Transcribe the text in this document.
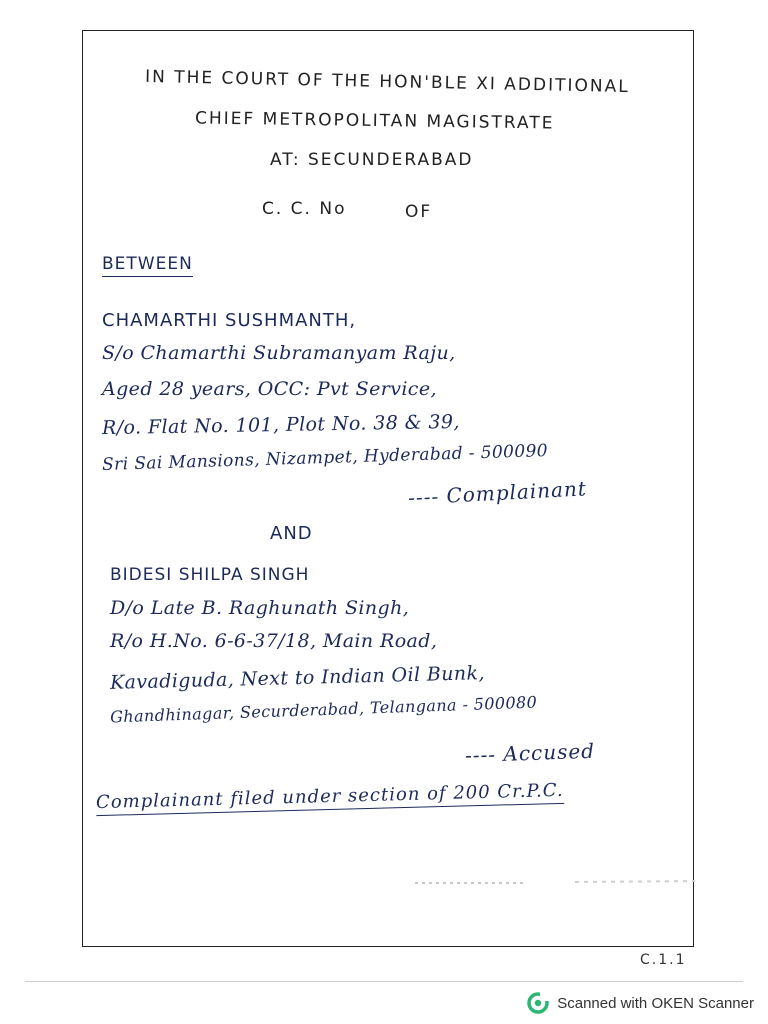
IN THE COURT OF THE HON'BLE XI ADDITIONAL
CHIEF METROPOLITAN MAGISTRATE
AT: SECUNDERABAD
C. C. No	OF
BETWEEN
CHAMARTHI SUSHMANTH,
S/o Chamarthi Subramanyam Raju,
Aged 28 years, OCC: Pvt Service,
R/o. Flat No. 101, Plot No. 38 & 39,
Sri Sai Mansions, Nizampet, Hyderabad - 500090
---- Complainant
AND
BIDESI SHILPA SINGH
D/o Late B. Raghunath Singh,
R/o H.No. 6-6-37/18, Main Road,
Kavadiguda, Next to Indian Oil Bunk,
Ghandhinagar, Securderabad, Telangana - 500080
---- Accused
Complainant filed under section of 200 Cr.P.C.
C.1.1
Scanned with OKEN Scanner
